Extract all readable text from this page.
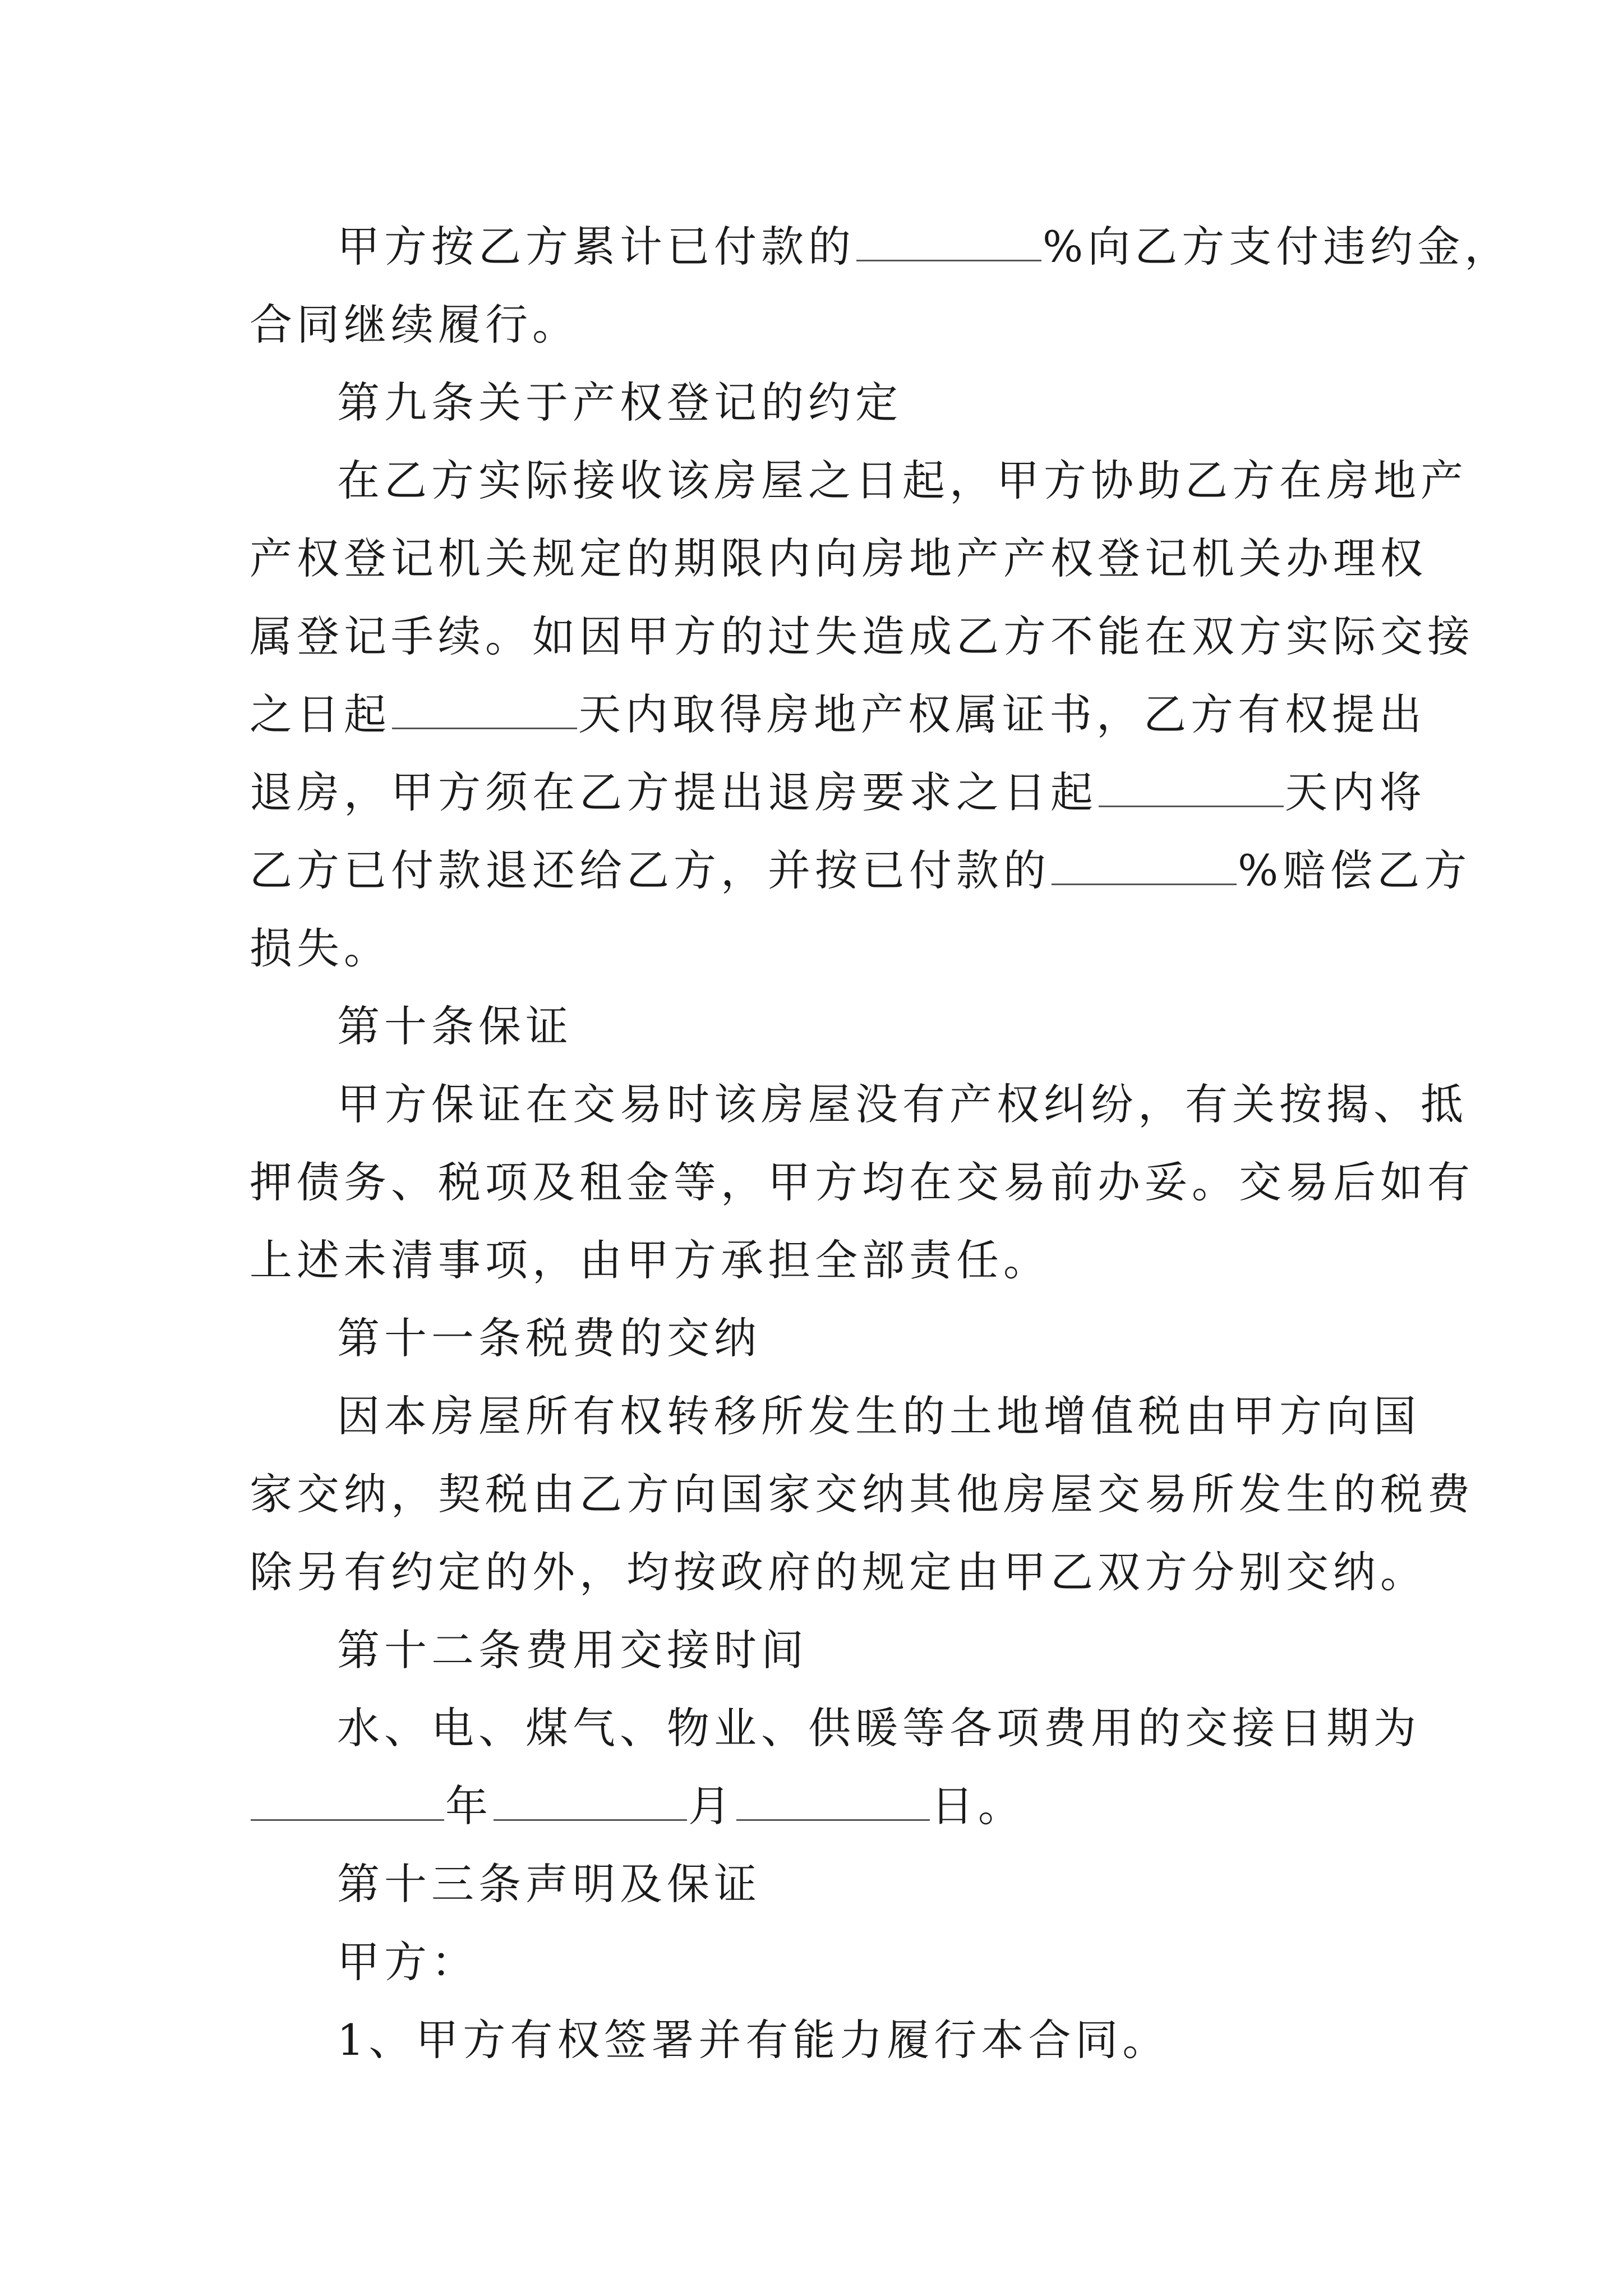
甲方按乙方累计已付款的	%向乙方支付违约金，
合同继续履行。
第九条关于产权登记的约定
在乙方实际接收该房屋之日起，甲方协助乙方在房地产
产权登记机关规定的期限内向房地产产权登记机关办理权
属登记手续。如因甲方的过失造成乙方不能在双方实际交接
之日起	天内取得房地产权属证书，乙方有权提出
退房，甲方须在乙方提出退房要求之日起	天内将
乙方已付款退还给乙方，并按已付款的	%赔偿乙方
损失。
第十条保证
甲方保证在交易时该房屋没有产权纠纷，有关按揭、抵
押债务、税项及租金等，甲方均在交易前办妥。交易后如有
上述未清事项，由甲方承担全部责任。
第十一条税费的交纳
因本房屋所有权转移所发生的土地增值税由甲方向国
家交纳，契税由乙方向国家交纳其他房屋交易所发生的税费
除另有约定的外，均按政府的规定由甲乙双方分别交纳。
第十二条费用交接时间
水、电、煤气、物业、供暖等各项费用的交接日期为
年	月	日。
第十三条声明及保证
甲方：
1、甲方有权签署并有能力履行本合同。
